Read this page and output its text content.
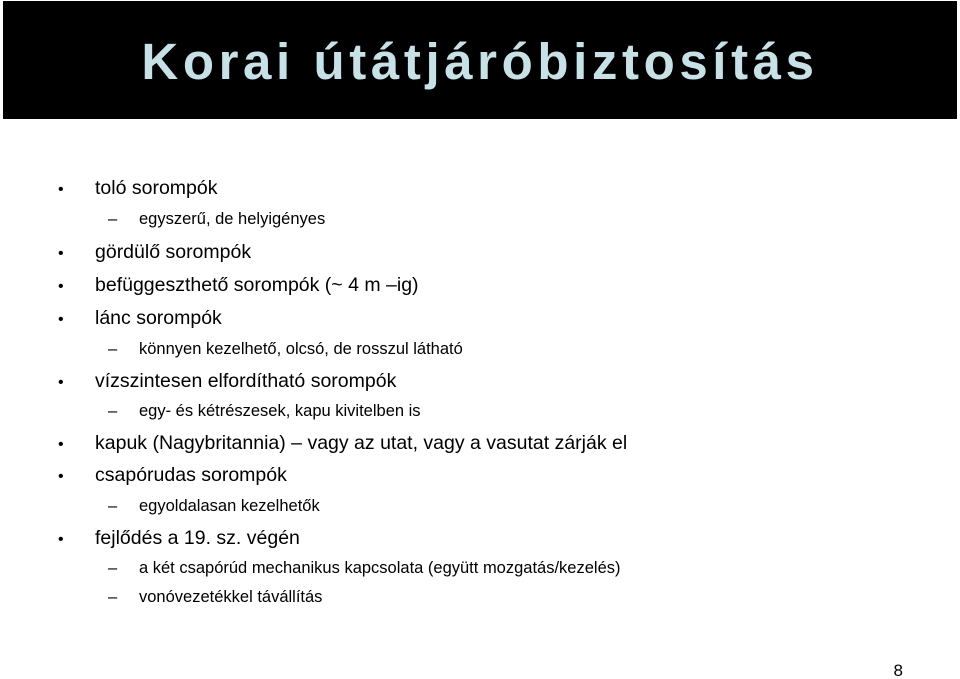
Korai útátjáróbiztosítás
• toló sorompók
– egyszerű, de helyigényes
• gördülő sorompók
• befüggeszthető sorompók (~ 4 m –ig)
• lánc sorompók
– könnyen kezelhető, olcsó, de rosszul látható
• vízszintesen elfordítható sorompók
– egy- és kétrészesek, kapu kivitelben is
• kapuk (Nagybritannia) – vagy az utat, vagy a vasutat zárják el
• csapórudas sorompók
– egyoldalasan kezelhetők
• fejlődés a 19. sz. végén
– a két csapórúd mechanikus kapcsolata (együtt mozgatás/kezelés)
– vonóvezetékkel távállítás
8
